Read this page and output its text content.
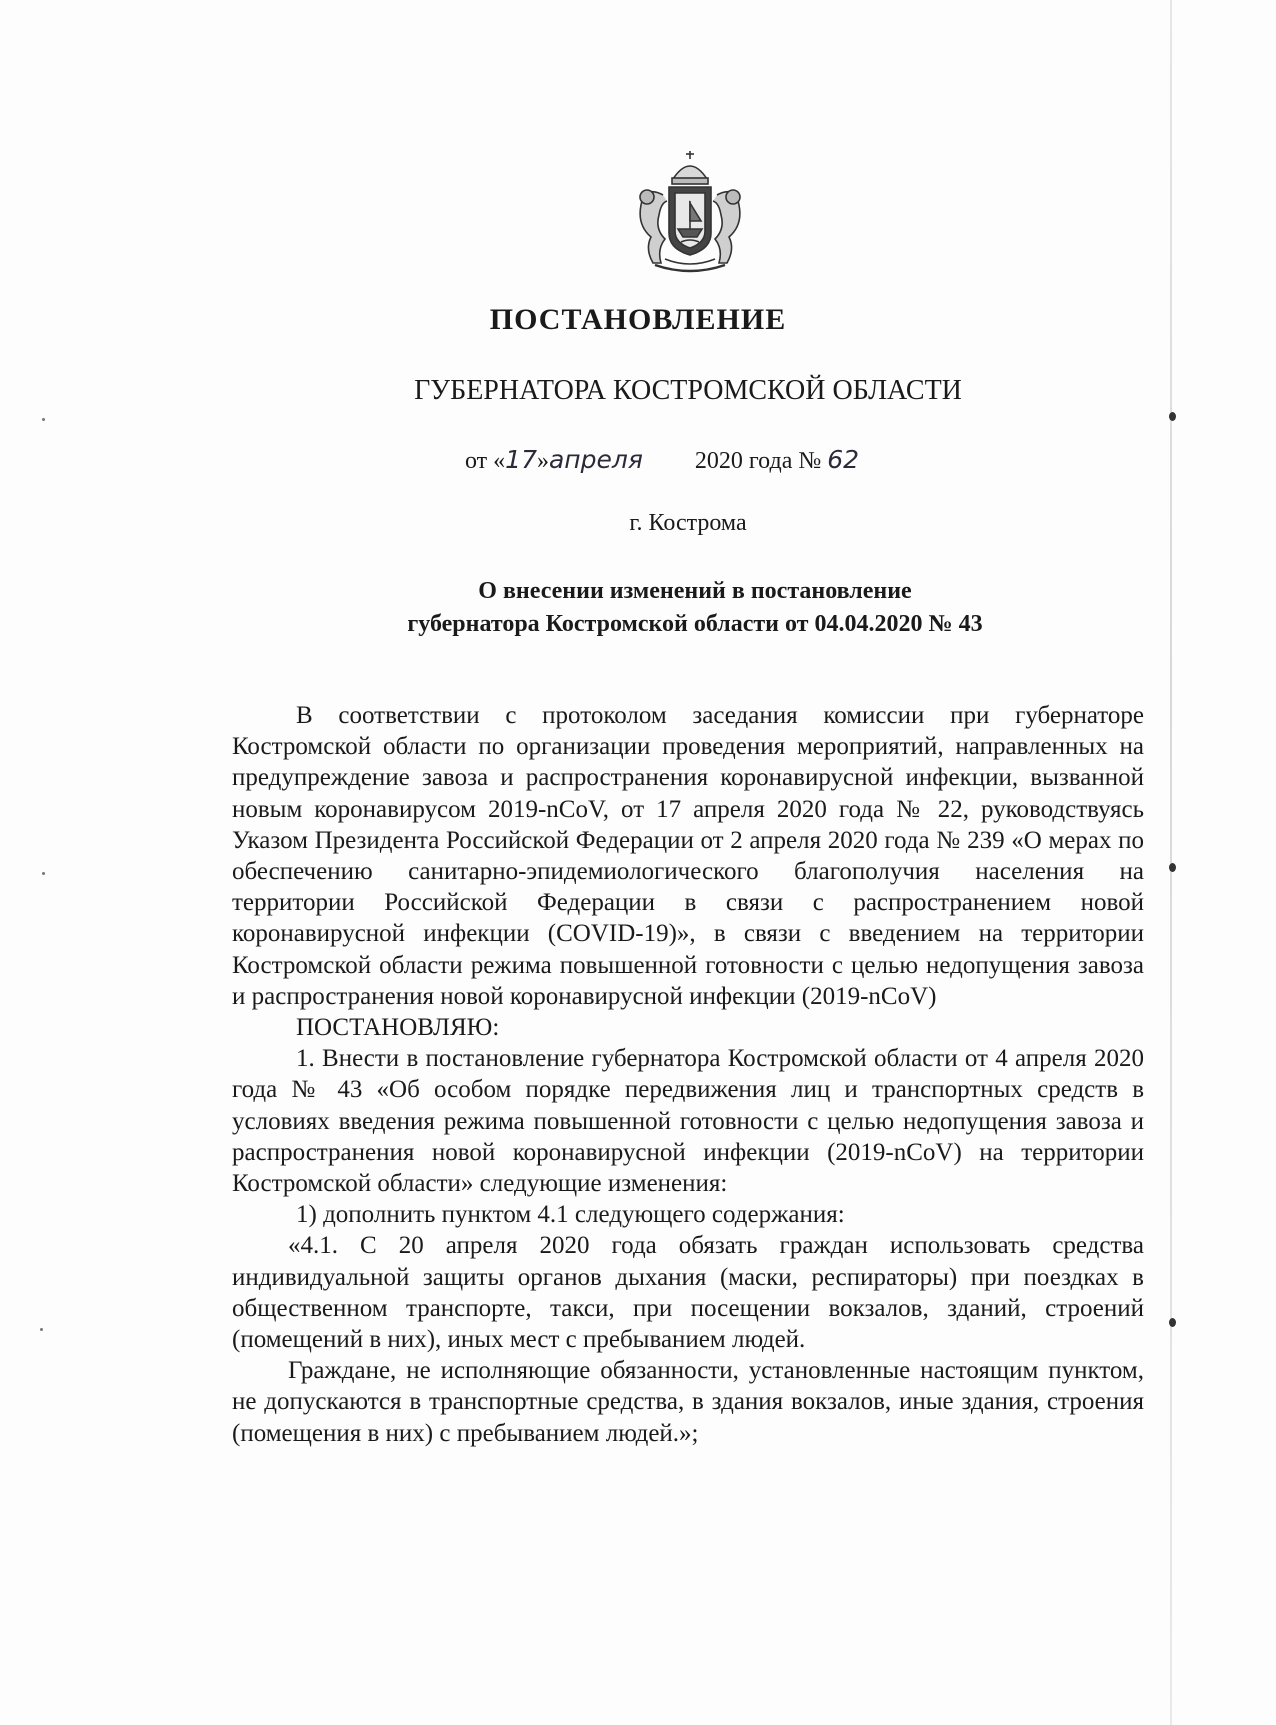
ПОСТАНОВЛЕНИЕ
ГУБЕРНАТОРА КОСТРОМСКОЙ ОБЛАСТИ
от «17»апреля 2020 года № 62
г. Кострома
О внесении изменений в постановление
губернатора Костромской области от 04.04.2020 № 43

В соответствии с протоколом заседания комиссии при губернаторе Костромской области по организации проведения мероприятий, направленных на предупреждение завоза и распространения коронавирусной инфекции, вызванной новым коронавирусом 2019-nCoV, от 17 апреля 2020 года № 22, руководствуясь Указом Президента Российской Федерации от 2 апреля 2020 года № 239 «О мерах по обеспечению санитарно-эпидемиологического благополучия населения на территории Российской Федерации в связи с распространением новой коронавирусной инфекции (COVID-19)», в связи с введением на территории Костромской области режима повышенной готовности с целью недопущения завоза и распространения новой коронавирусной инфекции (2019-nCoV)

ПОСТАНОВЛЯЮ:

1. Внести в постановление губернатора Костромской области от 4 апреля 2020 года № 43 «Об особом порядке передвижения лиц и транспортных средств в условиях введения режима повышенной готовности с целью недопущения завоза и распространения новой коронавирусной инфекции (2019-nCoV) на территории Костромской области» следующие изменения:

1) дополнить пунктом 4.1 следующего содержания:

«4.1. С 20 апреля 2020 года обязать граждан использовать средства индивидуальной защиты органов дыхания (маски, респираторы) при поездках в общественном транспорте, такси, при посещении вокзалов, зданий, строений (помещений в них), иных мест с пребыванием людей.

Граждане, не исполняющие обязанности, установленные настоящим пунктом, не допускаются в транспортные средства, в здания вокзалов, иные здания, строения (помещения в них) с пребыванием людей.»;
